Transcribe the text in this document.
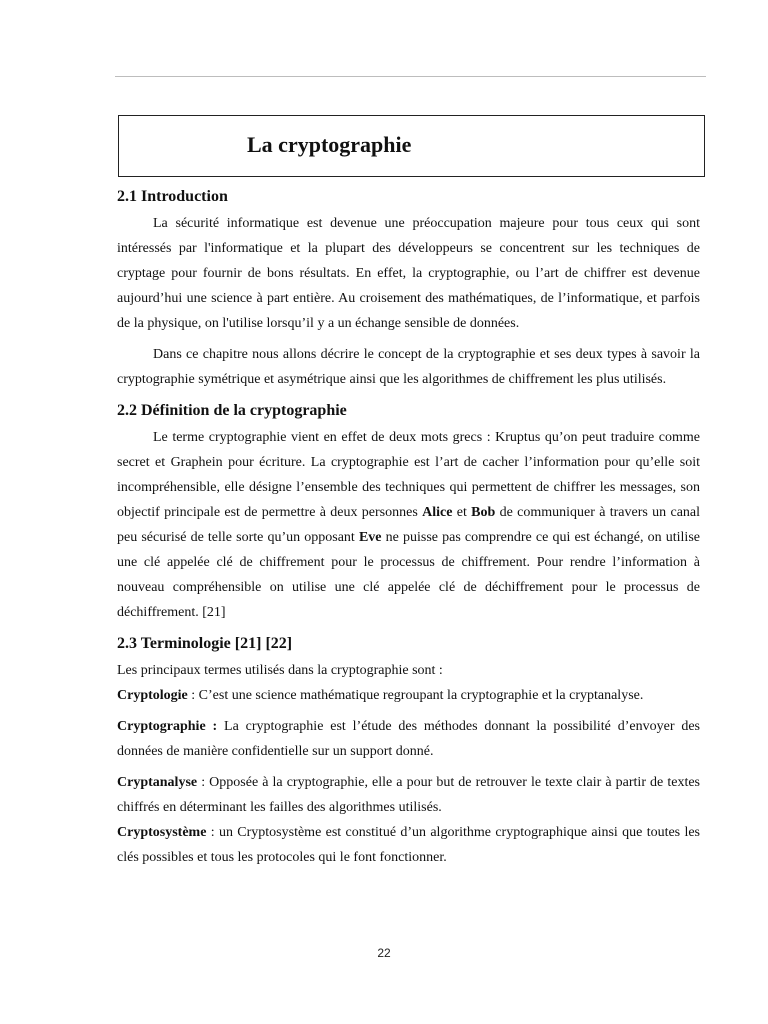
La cryptographie
2.1 Introduction

La sécurité informatique est devenue une préoccupation majeure pour tous ceux qui sont intéressés par l'informatique et la plupart des développeurs se concentrent sur les techniques de cryptage pour fournir de bons résultats. En effet, la cryptographie, ou l’art de chiffrer est devenue aujourd’hui une science à part entière. Au croisement des mathématiques, de l’informatique, et parfois de la physique, on l'utilise lorsqu’il y a un échange sensible de données.

Dans ce chapitre nous allons décrire le concept de la cryptographie et ses deux types à savoir la cryptographie symétrique et asymétrique ainsi que les algorithmes de chiffrement les plus utilisés.

2.2 Définition de la cryptographie

Le terme cryptographie vient en effet de deux mots grecs : Kruptus qu’on peut traduire comme secret et Graphein pour écriture. La cryptographie est l’art de cacher l’information pour qu’elle soit incompréhensible, elle désigne l’ensemble des techniques qui permettent de chiffrer les messages, son objectif principale est de permettre à deux personnes Alice et Bob de communiquer à travers un canal peu sécurisé de telle sorte qu’un opposant Eve ne puisse pas comprendre ce qui est échangé, on utilise une clé appelée clé de chiffrement pour le processus de chiffrement. Pour rendre l’information à nouveau compréhensible on utilise une clé appelée clé de déchiffrement pour le processus de déchiffrement. [21]

2.3 Terminologie [21] [22]

Les principaux termes utilisés dans la cryptographie sont :

Cryptologie : C’est une science mathématique regroupant la cryptographie et la cryptanalyse.

Cryptographie : La cryptographie est l’étude des méthodes donnant la possibilité d’envoyer des données de manière confidentielle sur un support donné.

Cryptanalyse : Opposée à la cryptographie, elle a pour but de retrouver le texte clair à partir de textes chiffrés en déterminant les failles des algorithmes utilisés.

Cryptosystème : un Cryptosystème est constitué d’un algorithme cryptographique ainsi que toutes les clés possibles et tous les protocoles qui le font fonctionner.

22
